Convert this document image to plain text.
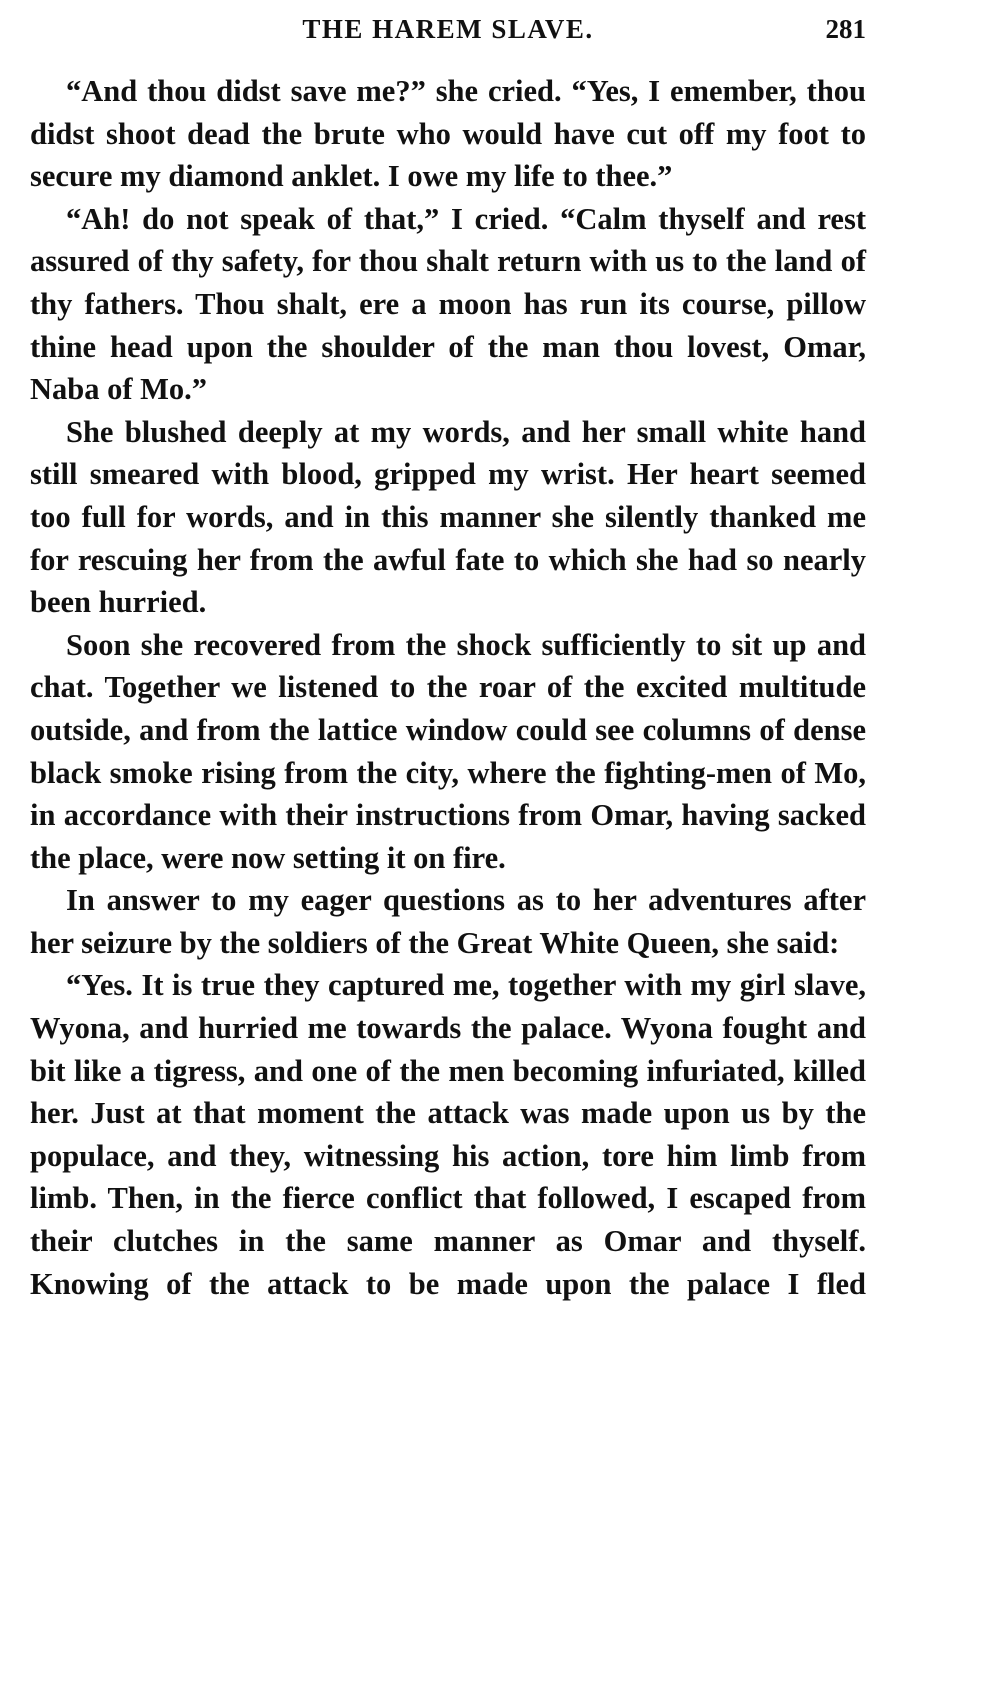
THE HAREM SLAVE.	281

“And thou didst save me?” she cried. “Yes, I emember, thou didst shoot dead the brute who would have cut off my foot to secure my diamond anklet. I owe my life to thee.”

“Ah! do not speak of that,” I cried. “Calm thyself and rest assured of thy safety, for thou shalt return with us to the land of thy fathers. Thou shalt, ere a moon has run its course, pillow thine head upon the shoulder of the man thou lovest, Omar, Naba of Mo.”

She blushed deeply at my words, and her small white hand still smeared with blood, gripped my wrist. Her heart seemed too full for words, and in this manner she silently thanked me for rescuing her from the awful fate to which she had so nearly been hurried.

Soon she recovered from the shock sufficiently to sit up and chat. Together we listened to the roar of the excited multitude outside, and from the lattice window could see columns of dense black smoke rising from the city, where the fighting-men of Mo, in accordance with their instructions from Omar, having sacked the place, were now setting it on fire.

In answer to my eager questions as to her adventures after her seizure by the soldiers of the Great White Queen, she said:

“Yes. It is true they captured me, together with my girl slave, Wyona, and hurried me towards the palace. Wyona fought and bit like a tigress, and one of the men becoming infuriated, killed her. Just at that moment the attack was made upon us by the populace, and they, witnessing his action, tore him limb from limb. Then, in the fierce conflict that followed, I escaped from their clutches in the same manner as Omar and thyself. Knowing of the attack to be made upon the palace I fled
